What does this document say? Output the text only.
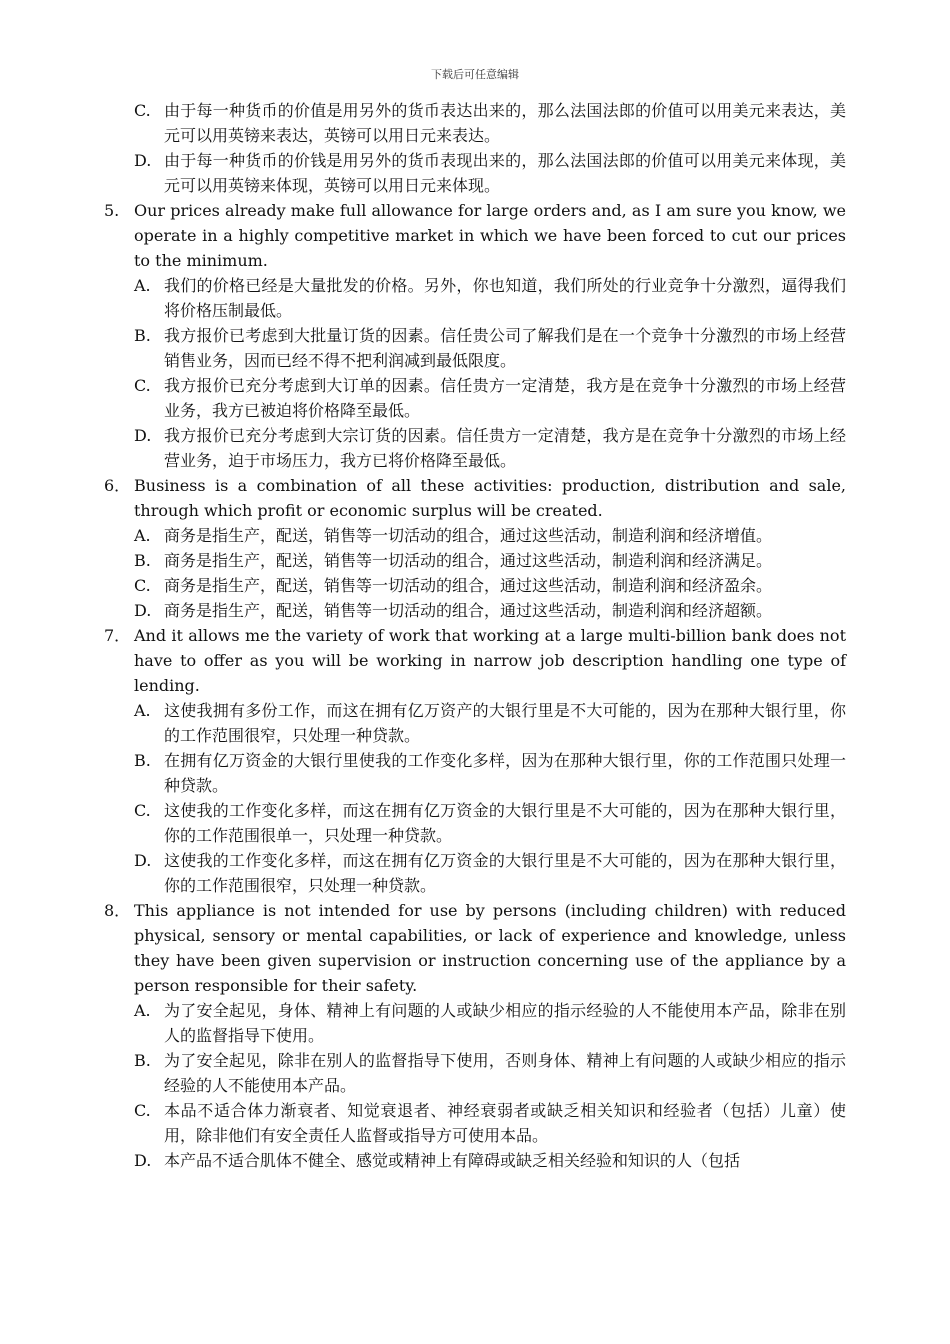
下载后可任意编辑
C. 由于每一种货币的价值是用另外的货币表达出来的，那么法国法郎的价值可以用美元来表达，美元可以用英镑来表达，英镑可以用日元来表达。
D. 由于每一种货币的价钱是用另外的货币表现出来的，那么法国法郎的价值可以用美元来体现，美元可以用英镑来体现，英镑可以用日元来体现。
5. Our prices already make full allowance for large orders and, as I am sure you know, we operate in a highly competitive market in which we have been forced to cut our prices to the minimum.
A. 我们的价格已经是大量批发的价格。另外，你也知道，我们所处的行业竞争十分激烈，逼得我们将价格压制最低。
B. 我方报价已考虑到大批量订货的因素。信任贵公司了解我们是在一个竞争十分激烈的市场上经营销售业务，因而已经不得不把利润减到最低限度。
C. 我方报价已充分考虑到大订单的因素。信任贵方一定清楚，我方是在竞争十分激烈的市场上经营业务，我方已被迫将价格降至最低。
D. 我方报价已充分考虑到大宗订货的因素。信任贵方一定清楚，我方是在竞争十分激烈的市场上经营业务，迫于市场压力，我方已将价格降至最低。
6． Business is a combination of all these activities: production, distribution and sale, through which profit or economic surplus will be created.
A. 商务是指生产，配送，销售等一切活动的组合，通过这些活动，制造利润和经济增值。
B. 商务是指生产，配送，销售等一切活动的组合，通过这些活动，制造利润和经济满足。
C. 商务是指生产，配送，销售等一切活动的组合，通过这些活动，制造利润和经济盈余。
D. 商务是指生产，配送，销售等一切活动的组合，通过这些活动，制造利润和经济超额。
7． And it allows me the variety of work that working at a large multi-billion bank does not have to offer as you will be working in narrow job description handling one type of lending.
A. 这使我拥有多份工作，而这在拥有亿万资产的大银行里是不大可能的，因为在那种大银行里，你的工作范围很窄，只处理一种贷款。
B. 在拥有亿万资金的大银行里使我的工作变化多样，因为在那种大银行里，你的工作范围只处理一种贷款。
C. 这使我的工作变化多样，而这在拥有亿万资金的大银行里是不大可能的，因为在那种大银行里，你的工作范围很单一，只处理一种贷款。
D. 这使我的工作变化多样，而这在拥有亿万资金的大银行里是不大可能的，因为在那种大银行里，你的工作范围很窄，只处理一种贷款。
8． This appliance is not intended for use by persons (including children) with reduced physical, sensory or mental capabilities, or lack of experience and knowledge, unless they have been given supervision or instruction concerning use of the appliance by a person responsible for their safety.
A. 为了安全起见，身体、精神上有问题的人或缺少相应的指示经验的人不能使用本产品，除非在别人的监督指导下使用。
B. 为了安全起见，除非在别人的监督指导下使用，否则身体、精神上有问题的人或缺少相应的指示经验的人不能使用本产品。
C. 本品不适合体力渐衰者、知觉衰退者、神经衰弱者或缺乏相关知识和经验者（包括）儿童）使用，除非他们有安全责任人监督或指导方可使用本品。
D. 本产品不适合肌体不健全、感觉或精神上有障碍或缺乏相关经验和知识的人（包括
